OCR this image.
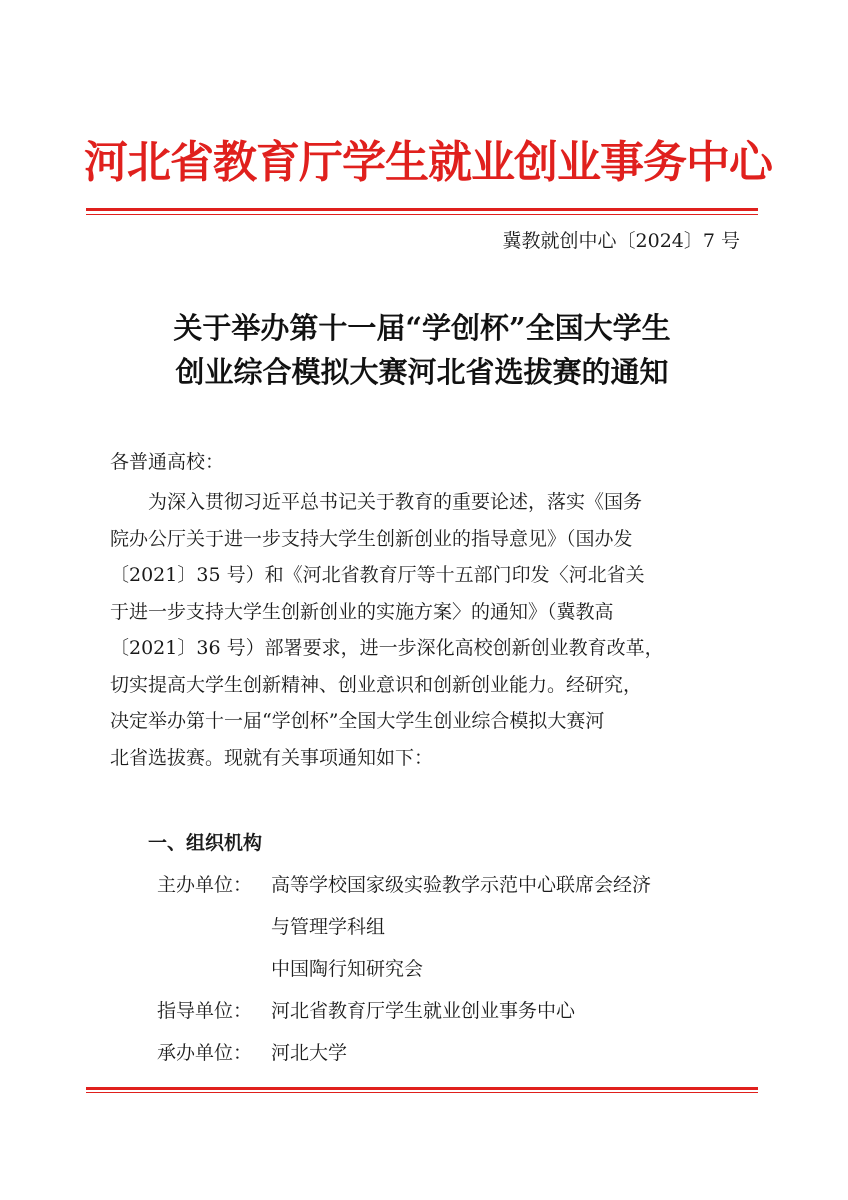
河北省教育厅学生就业创业事务中心
冀教就创中心〔2024〕7 号
关于举办第十一届“学创杯”全国大学生
创业综合模拟大赛河北省选拔赛的通知
各普通高校：
为深入贯彻习近平总书记关于教育的重要论述，落实《国务
院办公厅关于进一步支持大学生创新创业的指导意见》（国办发
〔2021〕35 号）和《河北省教育厅等十五部门印发〈河北省关
于进一步支持大学生创新创业的实施方案〉的通知》（冀教高
〔2021〕36 号）部署要求，进一步深化高校创新创业教育改革，
切实提高大学生创新精神、创业意识和创新创业能力。经研究，
决定举办第十一届“学创杯”全国大学生创业综合模拟大赛河
北省选拔赛。现就有关事项通知如下：
一、组织机构
主办单位： 高等学校国家级实验教学示范中心联席会经济
与管理学科组
中国陶行知研究会
指导单位： 河北省教育厅学生就业创业事务中心
承办单位： 河北大学
